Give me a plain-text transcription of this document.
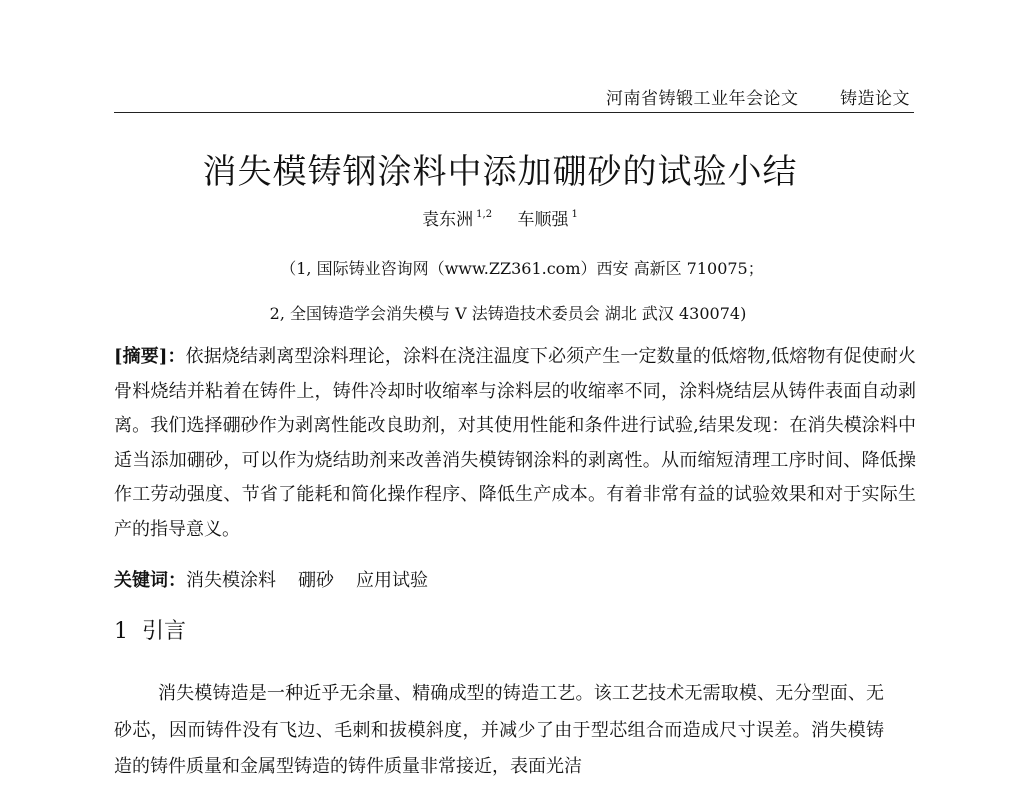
河南省铸锻工业年会论文 铸造论文
消失模铸钢涂料中添加硼砂的试验小结
袁东洲 $^{1,2}$ 车顺强 $^1$
（1, 国际铸业咨询网（www.ZZ361.com）西安 高新区 710075；
2, 全国铸造学会消失模与 V 法铸造技术委员会 湖北 武汉 430074)

[摘要]：依据烧结剥离型涂料理论，涂料在浇注温度下必须产生一定数量的低熔物,低熔物有促使耐火骨料烧结并粘着在铸件上，铸件冷却时收缩率与涂料层的收缩率不同，涂料烧结层从铸件表面自动剥离。我们选择硼砂作为剥离性能改良助剂，对其使用性能和条件进行试验,结果发现：在消失模涂料中适当添加硼砂，可以作为烧结助剂来改善消失模铸钢涂料的剥离性。从而缩短清理工序时间、降低操作工劳动强度、节省了能耗和简化操作程序、降低生产成本。有着非常有益的试验效果和对于实际生产的指导意义。

关键词：消失模涂料 硼砂 应用试验

1 引言

消失模铸造是一种近乎无余量、精确成型的铸造工艺。该工艺技术无需取模、无分型面、无砂芯，因而铸件没有飞边、毛刺和拔模斜度，并减少了由于型芯组合而造成尺寸误差。消失模铸造的铸件质量和金属型铸造的铸件质量非常接近，表面光洁
